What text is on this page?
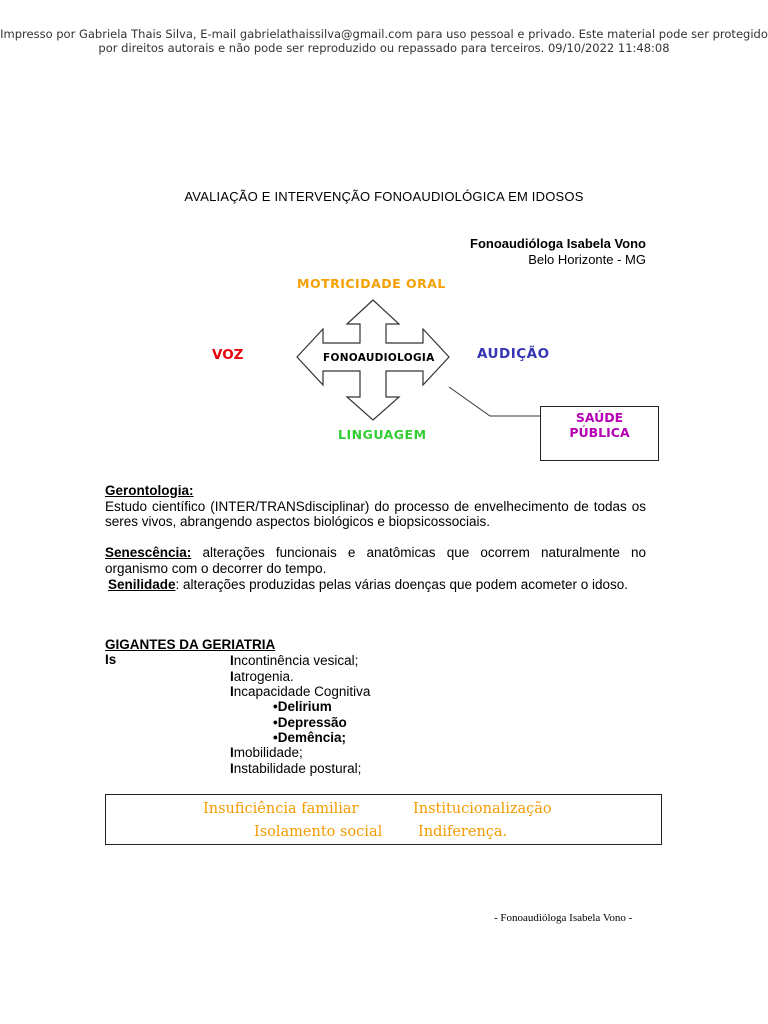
Impresso por Gabriela Thais Silva, E-mail gabrielathaissilva@gmail.com para uso pessoal e privado. Este material pode ser protegido
por direitos autorais e não pode ser reproduzido ou repassado para terceiros. 09/10/2022 11:48:08
AVALIAÇÃO E INTERVENÇÃO FONOAUDIOLÓGICA EM IDOSOS
Fonoaudióloga Isabela Vono
Belo Horizonte - MG
FONOAUDIOLOGIA
MOTRICIDADE ORAL
VOZ	AUDIÇÃO
LINGUAGEM
SAÚDE
PÚBLICA
Gerontologia:
Estudo científico (INTER/TRANSdisciplinar) do processo de envelhecimento de todas os seres vivos, abrangendo aspectos biológicos e biopsicossociais.
Senescência: alterações funcionais e anatômicas que ocorrem naturalmente no organismo com o decorrer do tempo.
Senilidade: alterações produzidas pelas várias doenças que podem acometer o idoso.
GIGANTES DA GERIATRIA
Is	Incontinência vesical;
Iatrogenia.
Incapacidade Cognitiva
•Delirium
•Depressão
•Demência;
Imobilidade;
Instabilidade postural;
Insuficiência familiar	Institucionalização
Isolamento social Indiferença.
- Fonoaudióloga Isabela Vono -
